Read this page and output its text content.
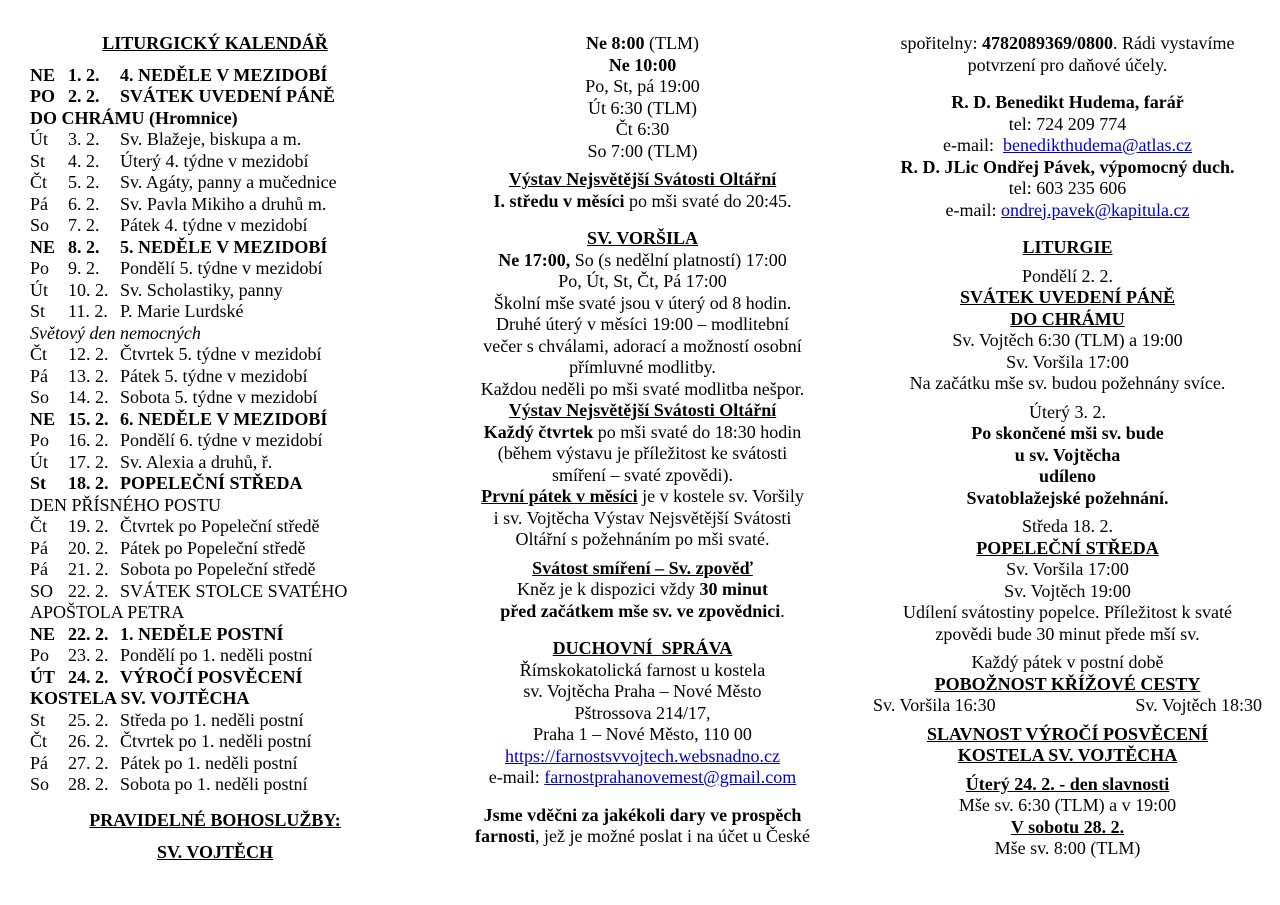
LITURGICKÝ KALENDÁŘ
NE 1. 2. 4. NEDĚLE V MEZIDOBÍ
PO 2. 2. SVÁTEK UVEDENÍ PÁNĚ
DO CHRÁMU (Hromnice)
Út 3. 2. Sv. Blažeje, biskupa a m.
St 4. 2. Úterý 4. týdne v mezidobí
Čt 5. 2. Sv. Agáty, panny a mučednice
Pá 6. 2. Sv. Pavla Mikiho a druhů m.
So 7. 2. Pátek 4. týdne v mezidobí
NE 8. 2. 5. NEDĚLE V MEZIDOBÍ
Po 9. 2. Pondělí 5. týdne v mezidobí
Út 10. 2. Sv. Scholastiky, panny
St 11. 2. P. Marie Lurdské
Světový den nemocných
Čt 12. 2. Čtvrtek 5. týdne v mezidobí
Pá 13. 2. Pátek 5. týdne v mezidobí
So 14. 2. Sobota 5. týdne v mezidobí
NE 15. 2. 6. NEDĚLE V MEZIDOBÍ
Po 16. 2. Pondělí 6. týdne v mezidobí
Út 17. 2. Sv. Alexia a druhů, ř.
St 18. 2. POPELEČNÍ STŘEDA
DEN PŘÍSNÉHO POSTU
Čt 19. 2. Čtvrtek po Popeleční středě
Pá 20. 2. Pátek po Popeleční středě
Pá 21. 2. Sobota po Popeleční středě
SO 22. 2. SVÁTEK STOLCE SVATÉHO
APOŠTOLA PETRA
NE 22. 2. 1. NEDĚLE POSTNÍ
Po 23. 2. Pondělí po 1. neděli postní
ÚT 24. 2. VÝROČÍ POSVĚCENÍ
KOSTELA SV. VOJTĚCHA
St 25. 2. Středa po 1. neděli postní
Čt 26. 2. Čtvrtek po 1. neděli postní
Pá 27. 2. Pátek po 1. neděli postní
So 28. 2. Sobota po 1. neděli postní
PRAVIDELNÉ BOHOSLUŽBY:
SV. VOJTĚCH
Ne 8:00 (TLM)
Ne 10:00
Po, St, pá 19:00
Út 6:30 (TLM)
Čt 6:30
So 7:00 (TLM)
Výstav Nejsvětější Svátosti Oltářní
I. středu v měsíci po mši svaté do 20:45.
SV. VORŠILA
Ne 17:00, So (s nedělní platností) 17:00
Po, Út, St, Čt, Pá 17:00
Školní mše svaté jsou v úterý od 8 hodin.
Druhé úterý v měsíci 19:00 – modlitební
večer s chválami, adorací a možností osobní
přímluvné modlitby.
Každou neděli po mši svaté modlitba nešpor.
Výstav Nejsvětější Svátosti Oltářní
Každý čtvrtek po mši svaté do 18:30 hodin
(během výstavu je příležitost ke svátosti
smíření – svaté zpovědi).
První pátek v měsíci je v kostele sv. Voršily
i sv. Vojtěcha Výstav Nejsvětější Svátosti
Oltářní s požehnáním po mši svaté.
Svátost smíření – Sv. zpověď
Kněz je k dispozici vždy 30 minut
před začátkem mše sv. ve zpovědnici.
DUCHOVNÍ  SPRÁVA
Římskokatolická farnost u kostela
sv. Vojtěcha Praha – Nové Město
Pštrossova 214/17,
Praha 1 – Nové Město, 110 00
https://farnostsvvojtech.websnadno.cz
e-mail: farnostprahanovemest@gmail.com
Jsme vděčni za jakékoli dary ve prospěch
farnosti, jež je možné poslat i na účet u České
spořitelny: 4782089369/0800. Rádi vystavíme
potvrzení pro daňové účely.
R. D. Benedikt Hudema, farář
tel: 724 209 774
e-mail:  benedikthudema@atlas.cz
R. D. JLic Ondřej Pávek, výpomocný duch.
tel: 603 235 606
e-mail: ondrej.pavek@kapitula.cz
LITURGIE
Pondělí 2. 2.
SVÁTEK UVEDENÍ PÁNĚ
DO CHRÁMU
Sv. Vojtěch 6:30 (TLM) a 19:00
Sv. Voršila 17:00
Na začátku mše sv. budou požehnány svíce.
Úterý 3. 2.
Po skončené mši sv. bude
u sv. Vojtěcha
udíleno
Svatoblažejské požehnání.
Středa 18. 2.
POPELEČNÍ STŘEDA
Sv. Voršila 17:00
Sv. Vojtěch 19:00
Udílení svátostiny popelce. Příležitost k svaté
zpovědi bude 30 minut přede mší sv.
Každý pátek v postní době
POBOŽNOST KŘÍŽOVÉ CESTY
Sv. Voršila 16:30	Sv. Vojtěch 18:30
SLAVNOST VÝROČÍ POSVĚCENÍ
KOSTELA SV. VOJTĚCHA
Úterý 24. 2. - den slavnosti
Mše sv. 6:30 (TLM) a v 19:00
V sobotu 28. 2.
Mše sv. 8:00 (TLM)
